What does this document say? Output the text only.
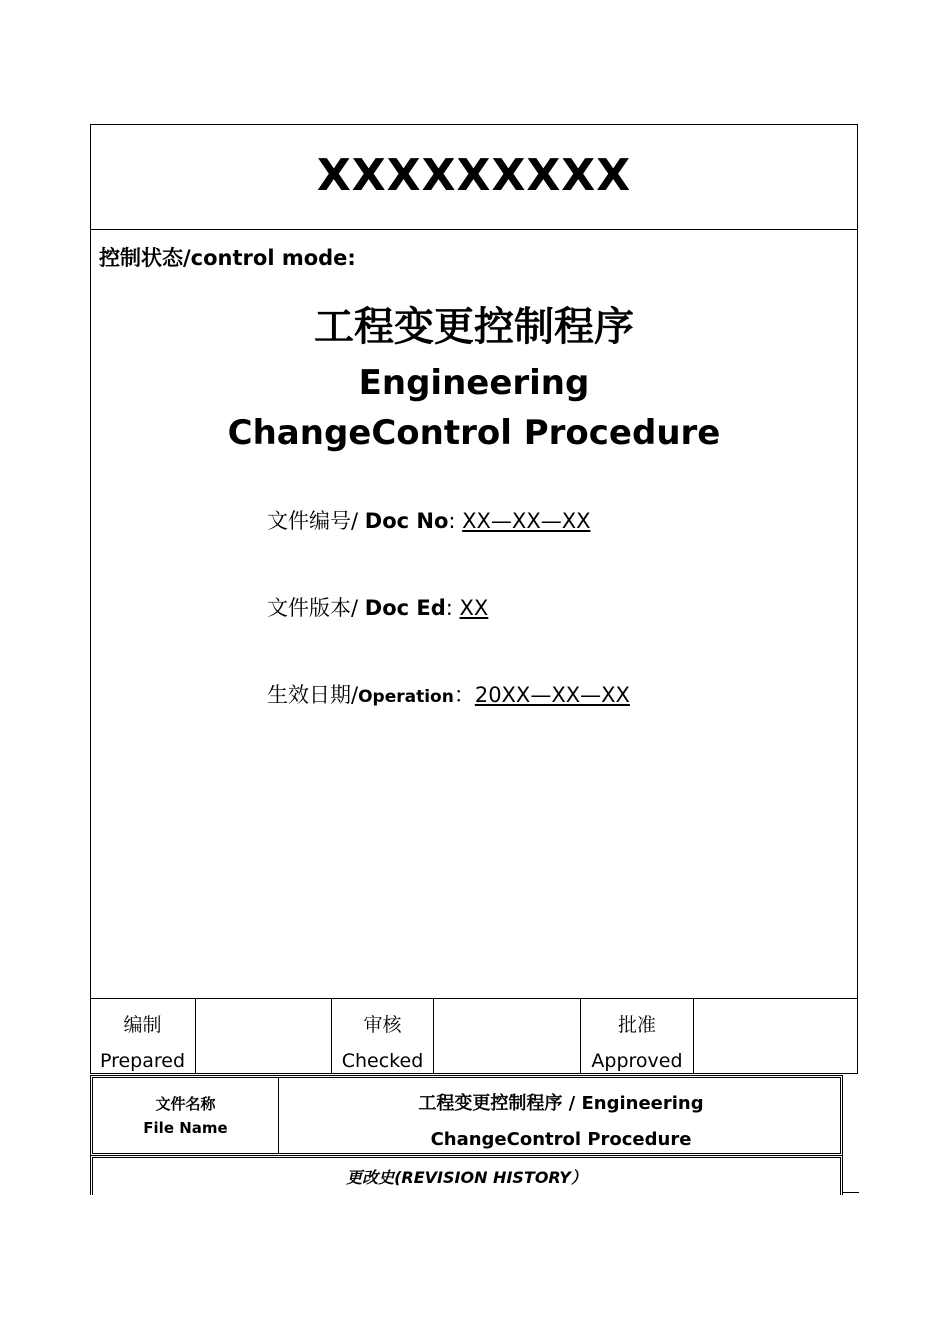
XXXXXXXXX
控制状态/control mode:
工程变更控制程序
Engineering ChangeControl Procedure
文件编号/ Doc No: XX—XX—XX
文件版本/ Doc Ed: XX
生效日期/Operation：20XX—XX—XX
编制
Prepared
审核
Checked
批准
Approved
文件名称
File Name
工程变更控制程序 / Engineering ChangeControl Procedure
更改史(REVISION HISTORY）
